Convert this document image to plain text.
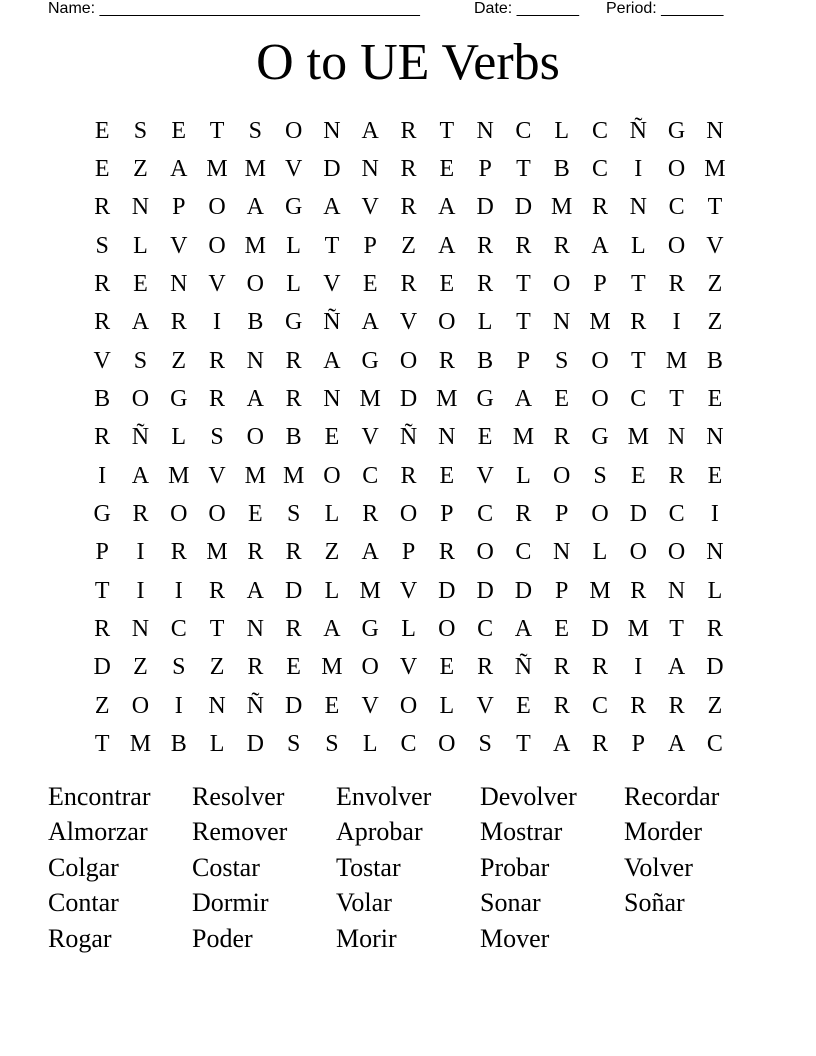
Name: ____________________________________

	Date: _______

Period: _______

O to UE Verbs
E	S	E T	S O N A R T N C L C Ñ G N
E Z A M M V D N R E	P	T B C	I	O M
R N P O A G A V R A D D M R N C T
S	L V O M L T	P	Z A R R R A L O V
R E N V O L V E R E R T O P	T R Z
R A R	I	B G Ñ A V O L T N M R	I	Z
V S	Z R N R A G O R B P	S O T M B
B O G R A R N M D M G A E O C T E
R Ñ L	S O B E V Ñ N E M R G M N N
I	A M V M M O C R E V L O S	E R E
G R O O E	S	L R O P C R P O D C	I
P	I	R M R R Z A P R O C N L O O N
T	I	I	R A D L M V D D D P M R N L
R N C T N R A G L O C A E D M T R
D Z	S	Z R E M O V E R Ñ R R	I	A D
Z O	I	N Ñ D E V O L V E R C R R Z
T M B L D S	S	L C O S	T A R P A C
Encontrar	Resolver	Envolver	Devolver	Recordar
Almorzar	Remover	Aprobar	Mostrar	Morder
Colgar	Costar	Tostar	Probar	Volver
Contar	Dormir	Volar	Sonar	Soñar
Rogar	Poder	Morir	Mover
